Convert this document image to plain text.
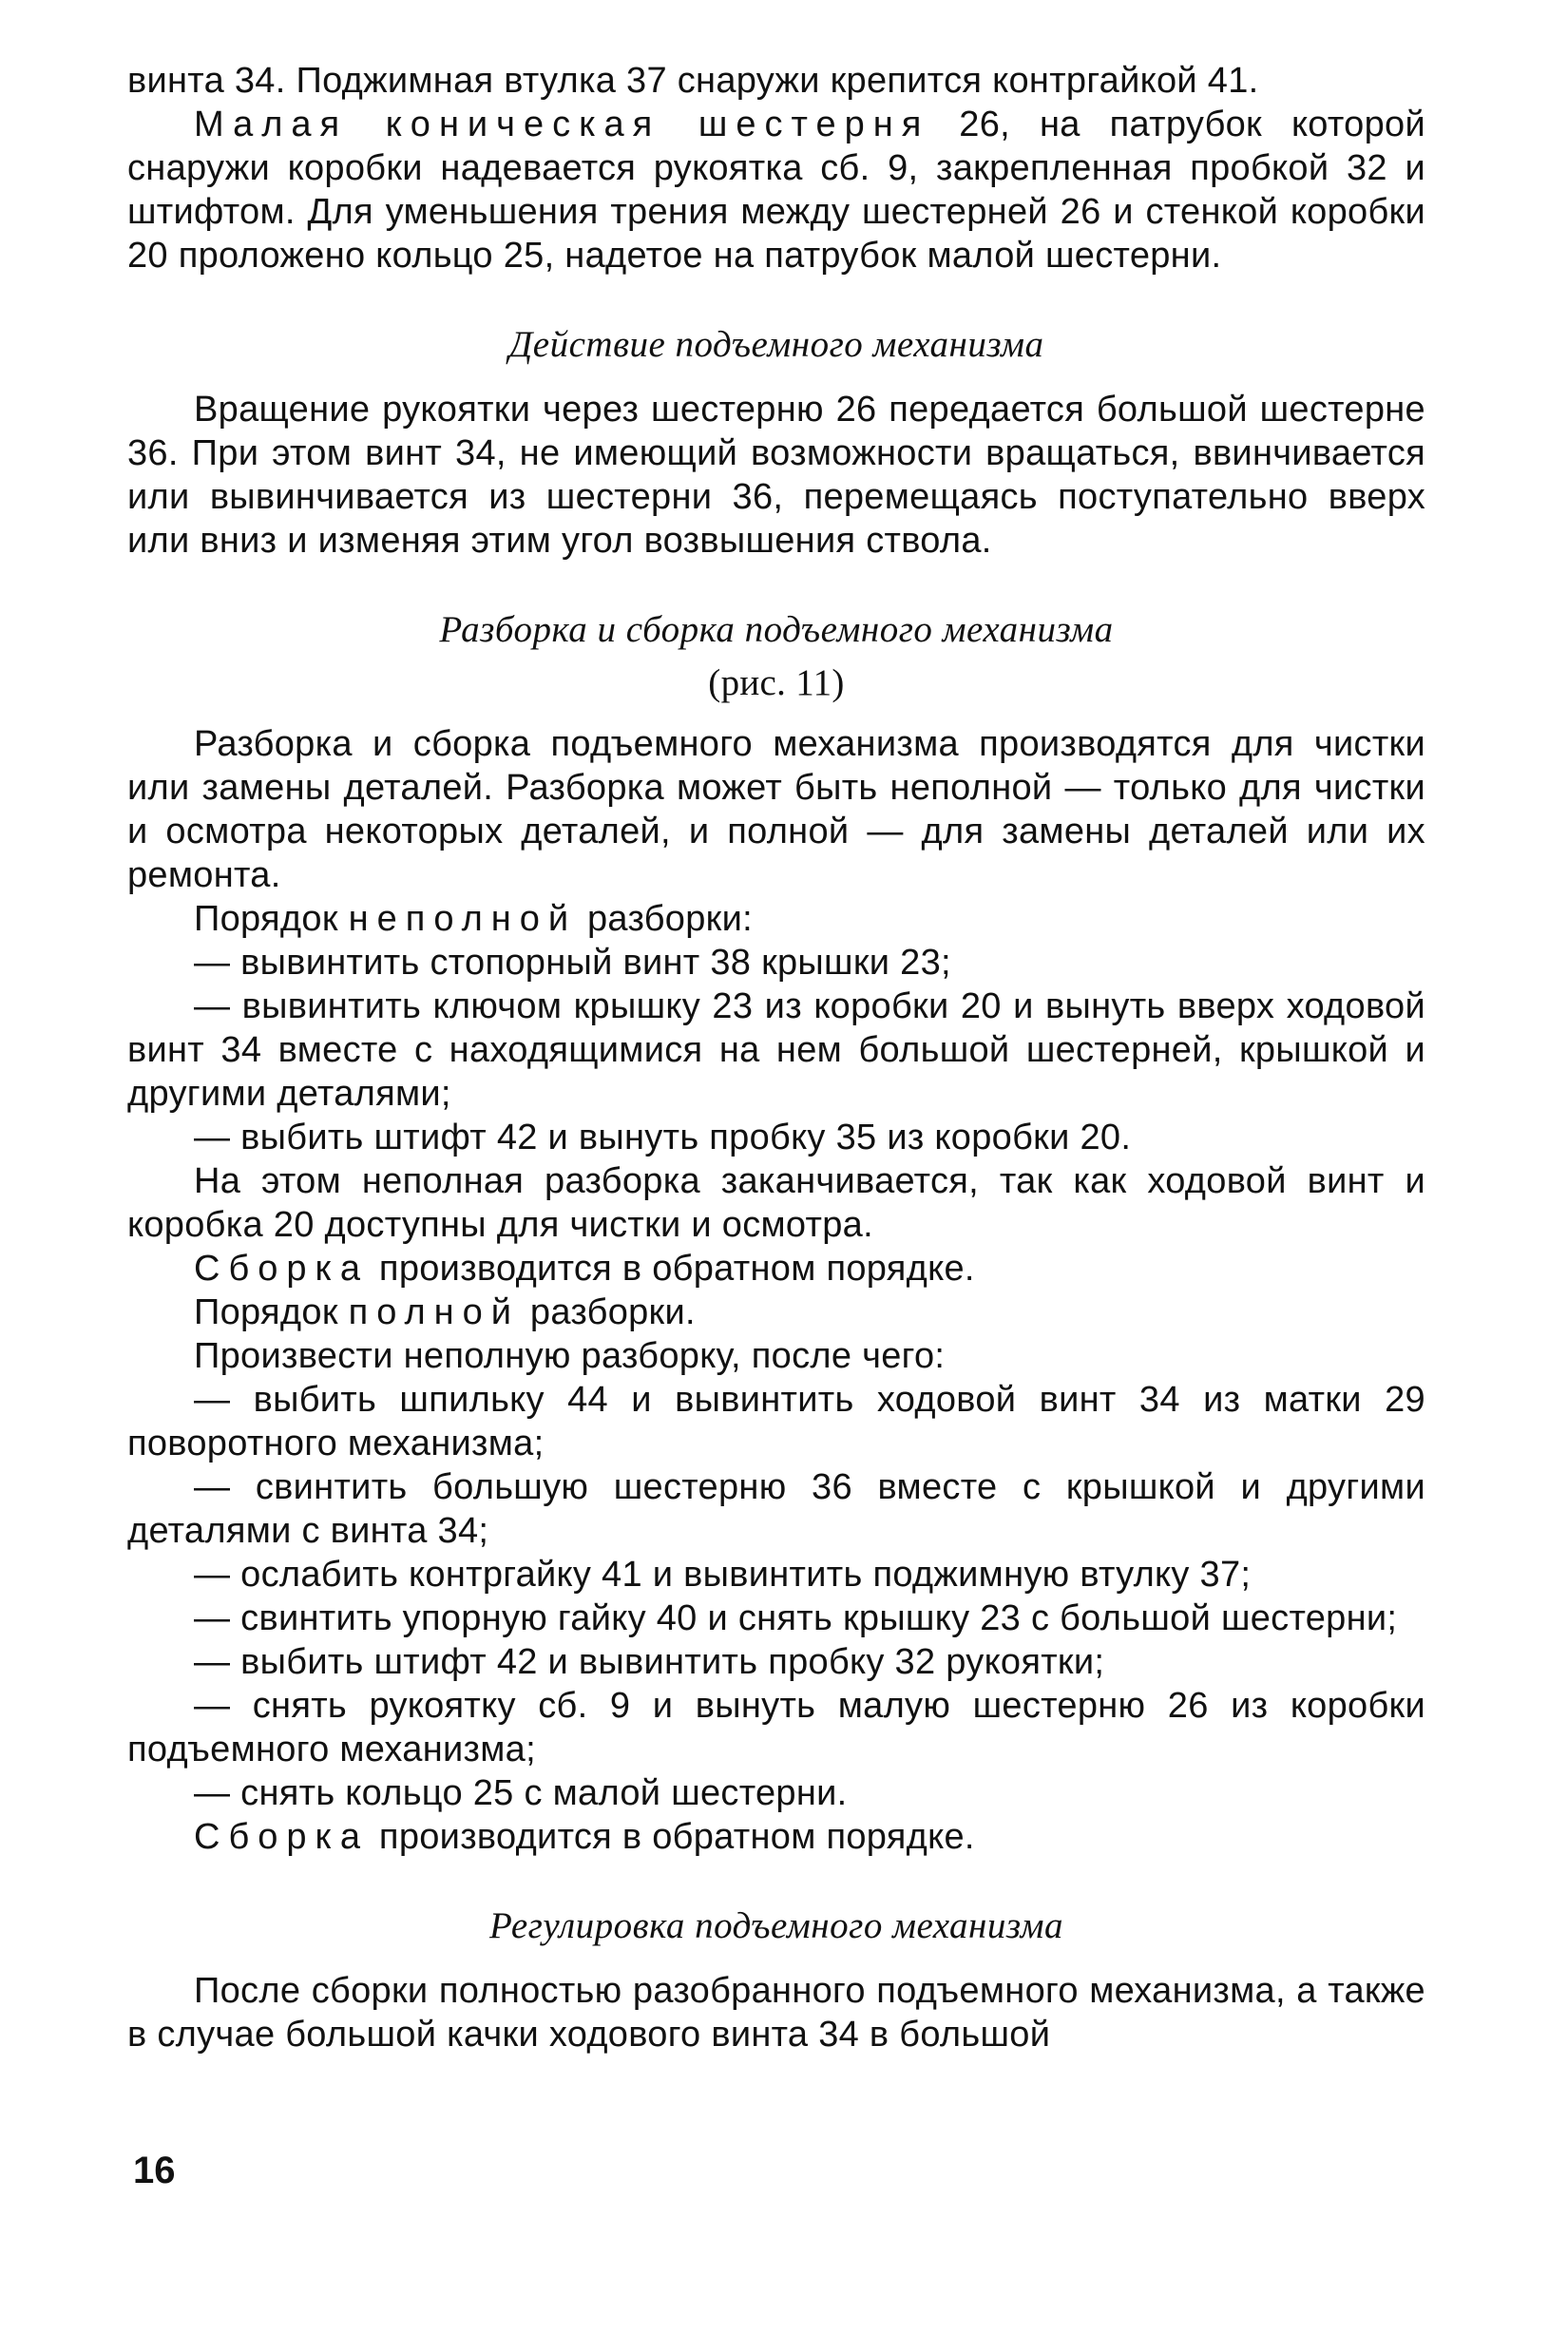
винта 34. Поджимная втулка 37 снаружи крепится контргайкой 41.

Малая коническая шестерня 26, на патрубок которой снаружи коробки надевается рукоятка сб. 9, закрепленная пробкой 32 и штифтом. Для уменьшения трения между шестерней 26 и стенкой коробки 20 проложено кольцо 25, надетое на патрубок малой шестерни.

Действие подъемного механизма

Вращение рукоятки через шестерню 26 передается большой шестерне 36. При этом винт 34, не имеющий возможности вращаться, ввинчивается или вывинчивается из шестерни 36, перемещаясь поступательно вверх или вниз и изменяя этим угол возвышения ствола.

Разборка и сборка подъемного механизма
(рис. 11)

Разборка и сборка подъемного механизма производятся для чистки или замены деталей. Разборка может быть неполной — только для чистки и осмотра некоторых деталей, и полной — для замены деталей или их ремонта.

Порядок неполной разборки:

— вывинтить стопорный винт 38 крышки 23;

— вывинтить ключом крышку 23 из коробки 20 и вынуть вверх ходовой винт 34 вместе с находящимися на нем большой шестерней, крышкой и другими деталями;

— выбить штифт 42 и вынуть пробку 35 из коробки 20.

На этом неполная разборка заканчивается, так как ходовой винт и коробка 20 доступны для чистки и осмотра.

Сборка производится в обратном порядке.

Порядок полной разборки.

Произвести неполную разборку, после чего:

— выбить шпильку 44 и вывинтить ходовой винт 34 из матки 29 поворотного механизма;

— свинтить большую шестерню 36 вместе с крышкой и другими деталями с винта 34;

— ослабить контргайку 41 и вывинтить поджимную втулку 37;

— свинтить упорную гайку 40 и снять крышку 23 с большой шестерни;

— выбить штифт 42 и вывинтить пробку 32 рукоятки;

— снять рукоятку сб. 9 и вынуть малую шестерню 26 из коробки подъемного механизма;

— снять кольцо 25 с малой шестерни.

Сборка производится в обратном порядке.

Регулировка подъемного механизма

После сборки полностью разобранного подъемного механизма, а также в случае большой качки ходового винта 34 в большой

16
